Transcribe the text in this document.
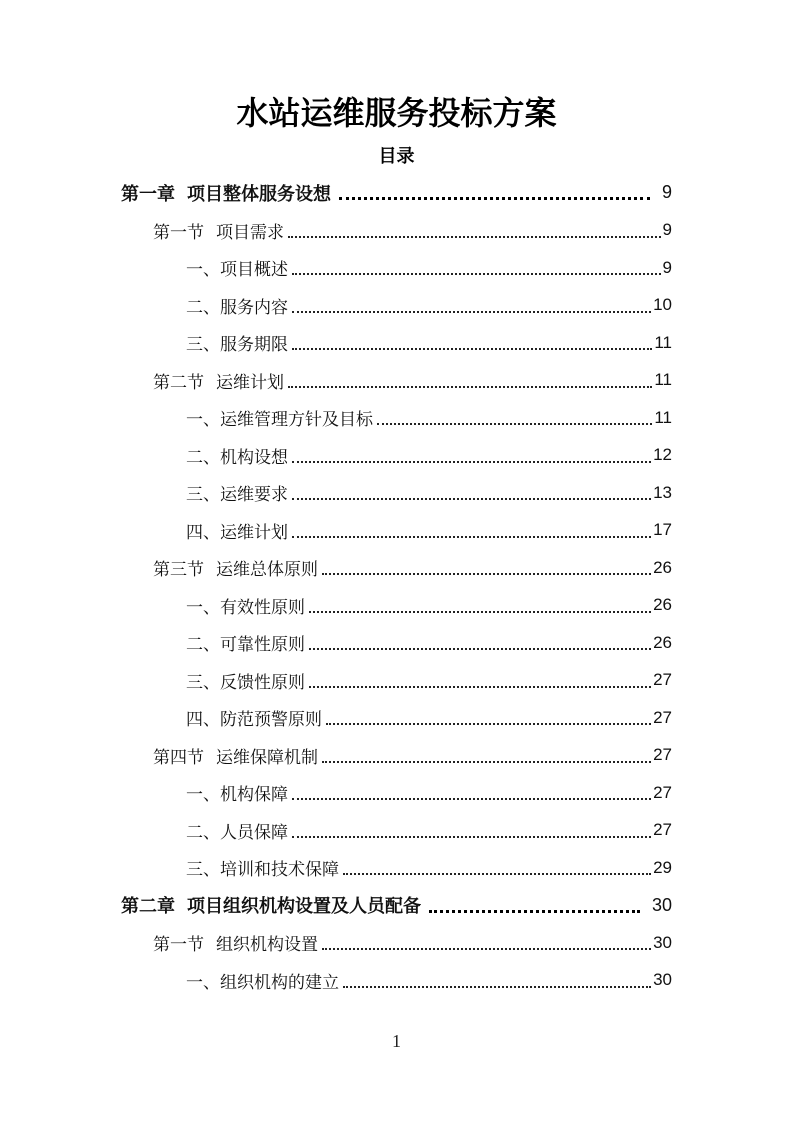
水站运维服务投标方案
目录
第一章 项目整体服务设想	9
第一节 项目需求	9
一、 项目概述	9
二、 服务内容	10
三、 服务期限	11
第二节 运维计划	11
一、 运维管理方针及目标	11
二、 机构设想	12
三、 运维要求	13
四、 运维计划	17
第三节 运维总体原则	26
一、 有效性原则	26
二、 可靠性原则	26
三、 反馈性原则	27
四、 防范预警原则	27
第四节 运维保障机制	27
一、 机构保障	27
二、 人员保障	27
三、 培训和技术保障	29
第二章 项目组织机构设置及人员配备	30
第一节 组织机构设置	30
一、 组织机构的建立	30
1
